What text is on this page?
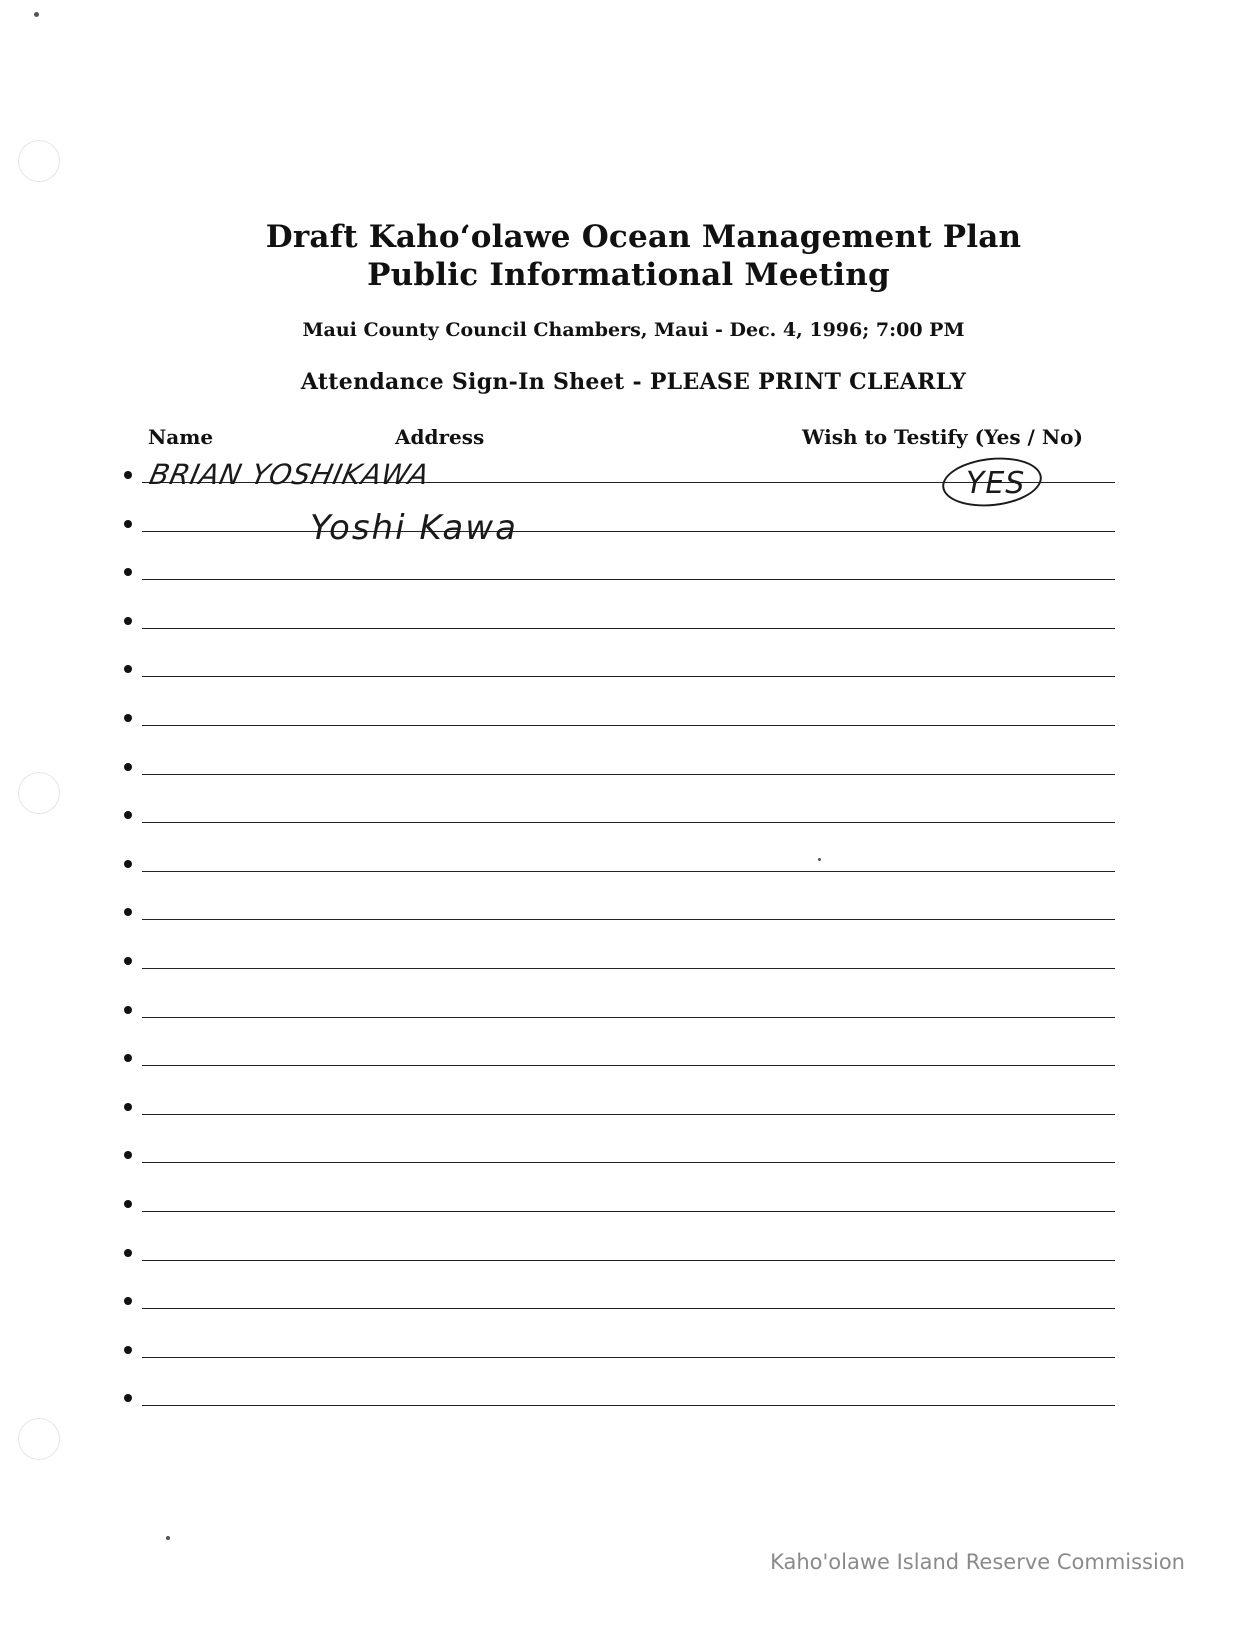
Draft Kaho‘olawe Ocean Management Plan
Public Informational Meeting
Maui County Council Chambers, Maui - Dec. 4, 1996; 7:00 PM
Attendance Sign-In Sheet - PLEASE PRINT CLEARLY
Name	Address	Wish to Testify (Yes / No)
BRIAN YOSHIKAWA
Yoshi Kawa
YES
Kaho'olawe Island Reserve Commission
